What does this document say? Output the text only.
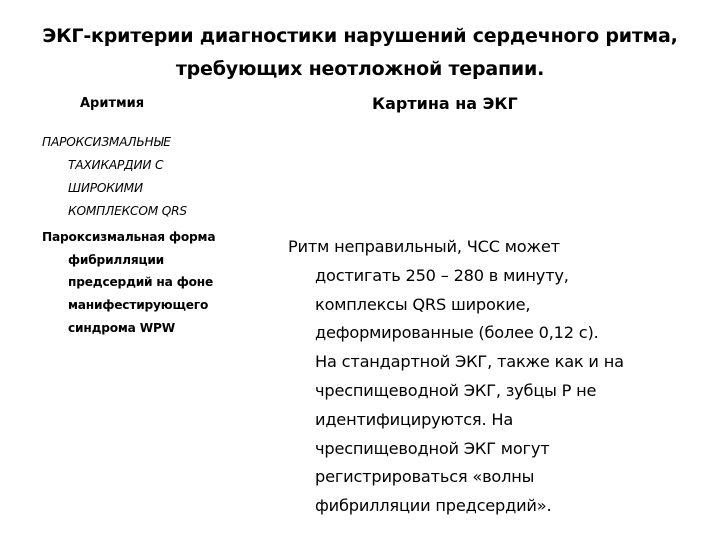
ЭКГ-критерии диагностики нарушений сердечного ритма,
требующих неотложной терапии.
Аритмия	Картина на ЭКГ
ПАРОКСИЗМАЛЬНЫЕ
ТАХИКАРДИИ С
ШИРОКИМИ
КОМПЛЕКСОМ QRS
Пароксизмальная форма
фибрилляции
предсердий на фоне
манифестирующего
синдрома WPW
Ритм неправильный, ЧСС может
достигать 250 – 280 в минуту,
комплексы QRS широкие,
деформированные (более 0,12 с).
На стандартной ЭКГ, также как и на
чреспищеводной ЭКГ, зубцы Р не
идентифицируются. На
чреспищеводной ЭКГ могут
регистрироваться «волны
фибрилляции предсердий».
